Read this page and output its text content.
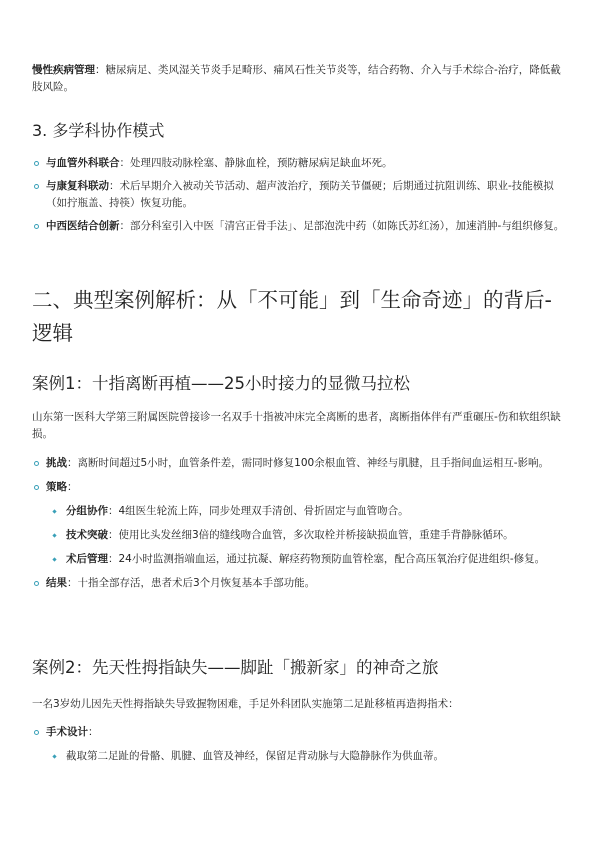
慢性疾病管理：糖尿病足、类风湿关节炎手足畸形、痛风石性关节炎等，结合药物、介入与手术综合-治疗，降低截肢风险。

3. 多学科协作模式
与血管外科联合：处理四肢动脉栓塞、静脉血栓，预防糖尿病足缺血坏死。
与康复科联动：术后早期介入被动关节活动、超声波治疗，预防关节僵硬；后期通过抗阻训练、职业-技能模拟（如拧瓶盖、持筷）恢复功能。
中西医结合创新：部分科室引入中医「清宫正骨手法」、足部泡洗中药（如陈氏苏红汤），加速消肿-与组织修复。
二、典型案例解析：从「不可能」到「生命奇迹」的背后-逻辑
案例1：十指离断再植——25小时接力的显微马拉松

山东第一医科大学第三附属医院曾接诊一名双手十指被冲床完全离断的患者，离断指体伴有严重碾压-伤和软组织缺损。

挑战：离断时间超过5小时，血管条件差，需同时修复100余根血管、神经与肌腱，且手指间血运相互-影响。
策略：
分组协作：4组医生轮流上阵，同步处理双手清创、骨折固定与血管吻合。
技术突破：使用比头发丝细3倍的缝线吻合血管，多次取栓并桥接缺损血管，重建手背静脉循环。
术后管理：24小时监测指端血运，通过抗凝、解痉药物预防血管栓塞，配合高压氧治疗促进组织-修复。
结果：十指全部存活，患者术后3个月恢复基本手部功能。
案例2：先天性拇指缺失——脚趾「搬新家」的神奇之旅

一名3岁幼儿因先天性拇指缺失导致握物困难，手足外科团队实施第二足趾移植再造拇指术：

手术设计：
截取第二足趾的骨骼、肌腱、血管及神经，保留足背动脉与大隐静脉作为供血蒂。
